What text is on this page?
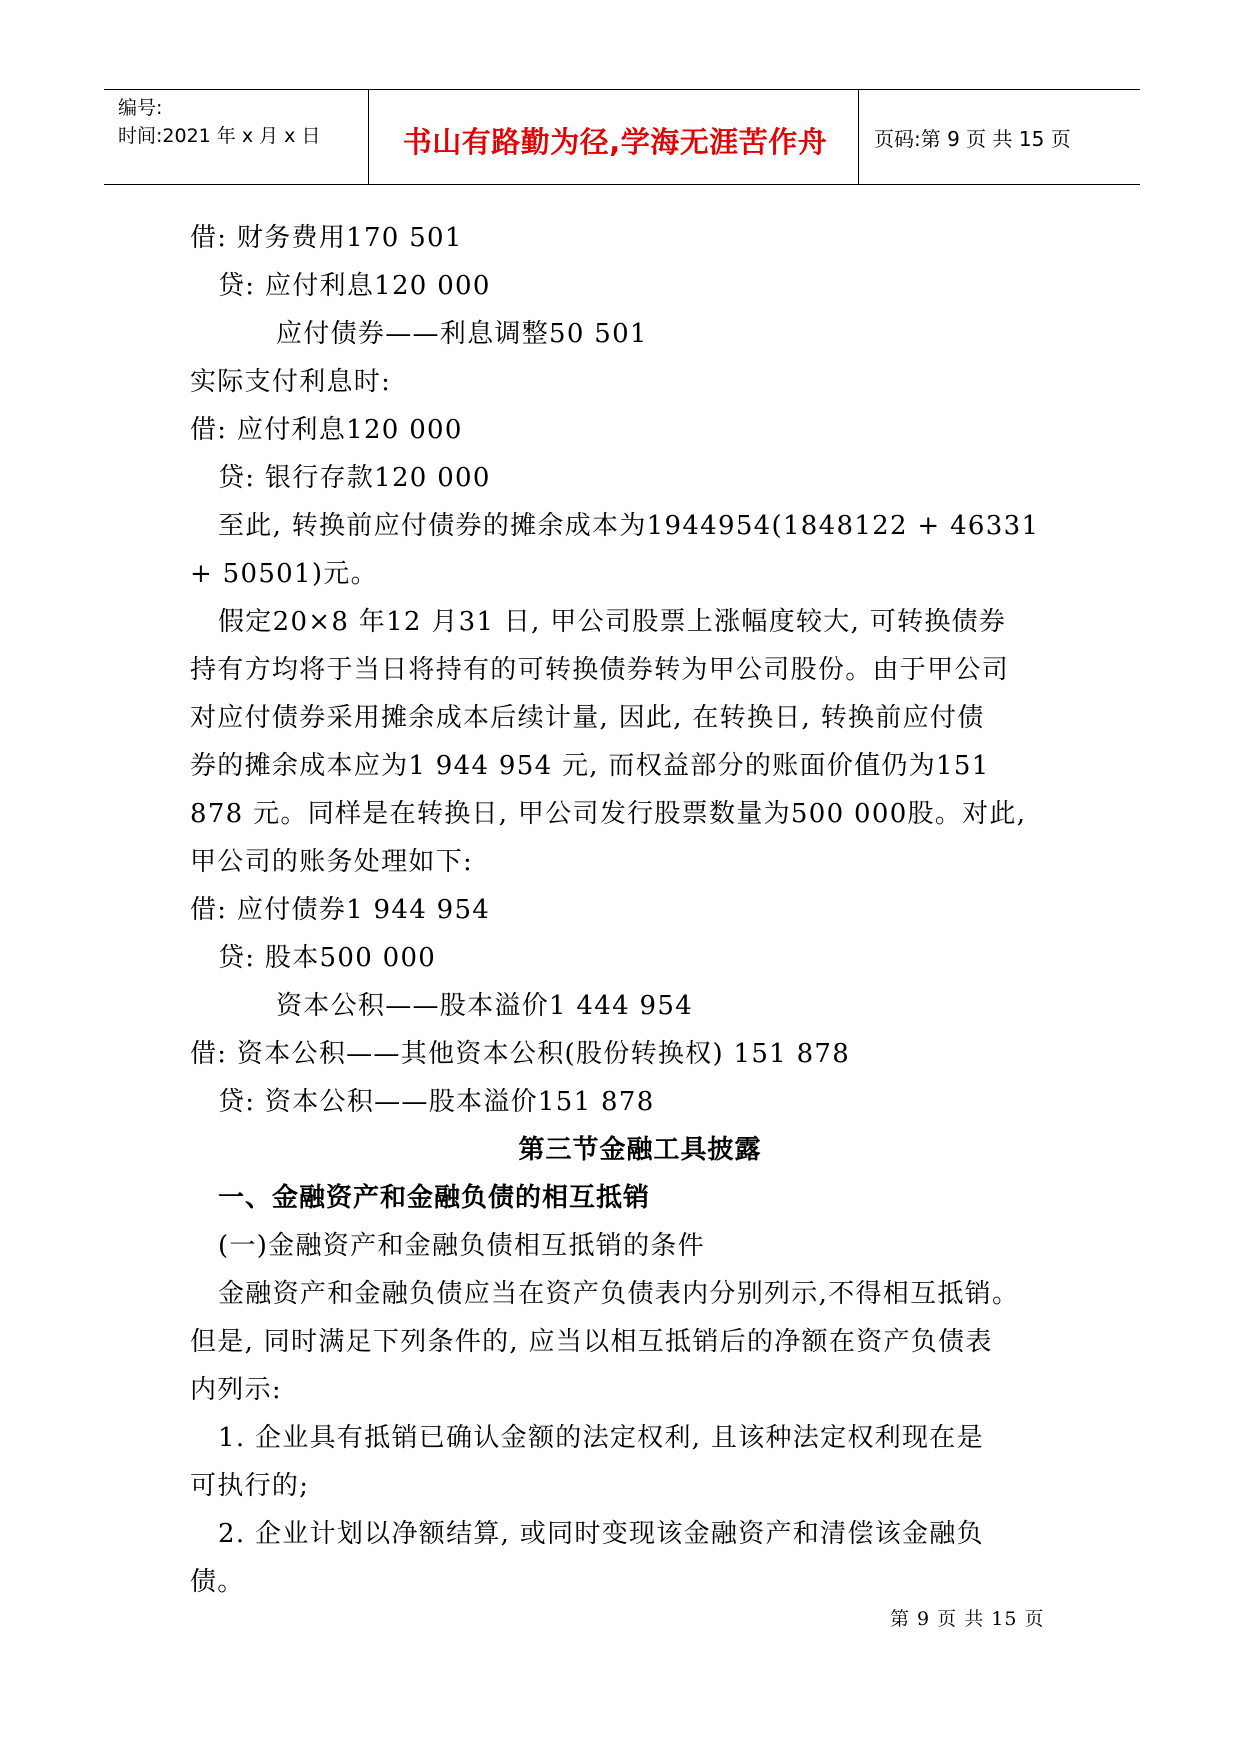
编号:
时间:2021 年 x 月 x 日	书山有路勤为径,学海无涯苦作舟	页码:第 9 页 共 15 页
借: 财务费用170 501
贷: 应付利息120 000
应付债券——利息调整50 501
实际支付利息时:
借: 应付利息120 000
贷: 银行存款120 000
至此, 转换前应付债券的摊余成本为1944954(1848122 + 46331
+ 50501)元。
假定20×8 年12 月31 日, 甲公司股票上涨幅度较大, 可转换债券
持有方均将于当日将持有的可转换债券转为甲公司股份。由于甲公司
对应付债券采用摊余成本后续计量, 因此, 在转换日, 转换前应付债
券的摊余成本应为1 944 954 元, 而权益部分的账面价值仍为151
878 元。同样是在转换日, 甲公司发行股票数量为500 000股。对此,
甲公司的账务处理如下:
借: 应付债券1 944 954
贷: 股本500 000
资本公积——股本溢价1 444 954
借: 资本公积——其他资本公积(股份转换权) 151 878
贷: 资本公积——股本溢价151 878
第三节金融工具披露
一、金融资产和金融负债的相互抵销
(一)金融资产和金融负债相互抵销的条件
金融资产和金融负债应当在资产负债表内分别列示,不得相互抵销。
但是, 同时满足下列条件的, 应当以相互抵销后的净额在资产负债表
内列示:
1. 企业具有抵销已确认金额的法定权利, 且该种法定权利现在是
可执行的;
2. 企业计划以净额结算, 或同时变现该金融资产和清偿该金融负
债。
第 9 页 共 15 页
